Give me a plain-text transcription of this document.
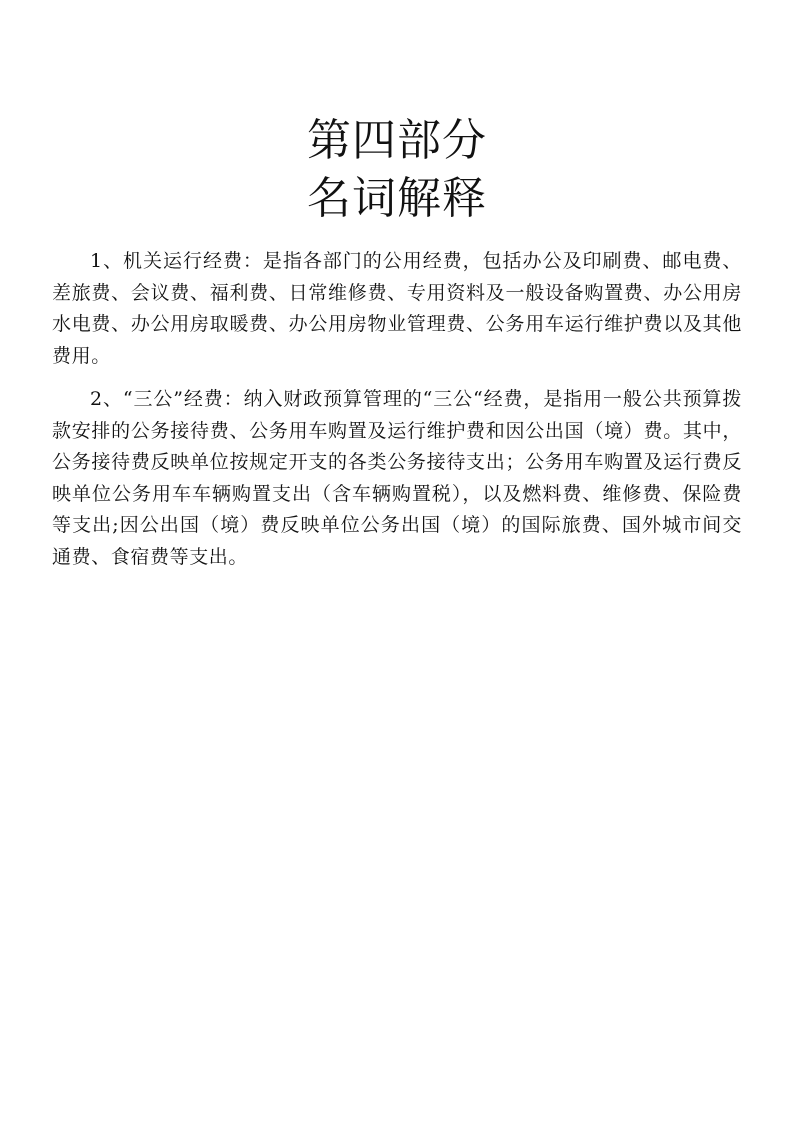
第四部分
名词解释

1、机关运行经费：是指各部门的公用经费，包括办公及印刷费、邮电费、差旅费、会议费、福利费、日常维修费、专用资料及一般设备购置费、办公用房水电费、办公用房取暖费、办公用房物业管理费、公务用车运行维护费以及其他费用。

2、“三公”经费：纳入财政预算管理的“三公“经费，是指用一般公共预算拨款安排的公务接待费、公务用车购置及运行维护费和因公出国（境）费。其中，公务接待费反映单位按规定开支的各类公务接待支出；公务用车购置及运行费反映单位公务用车车辆购置支出（含车辆购置税），以及燃料费、维修费、保险费等支出;因公出国（境）费反映单位公务出国（境）的国际旅费、国外城市间交通费、食宿费等支出。
